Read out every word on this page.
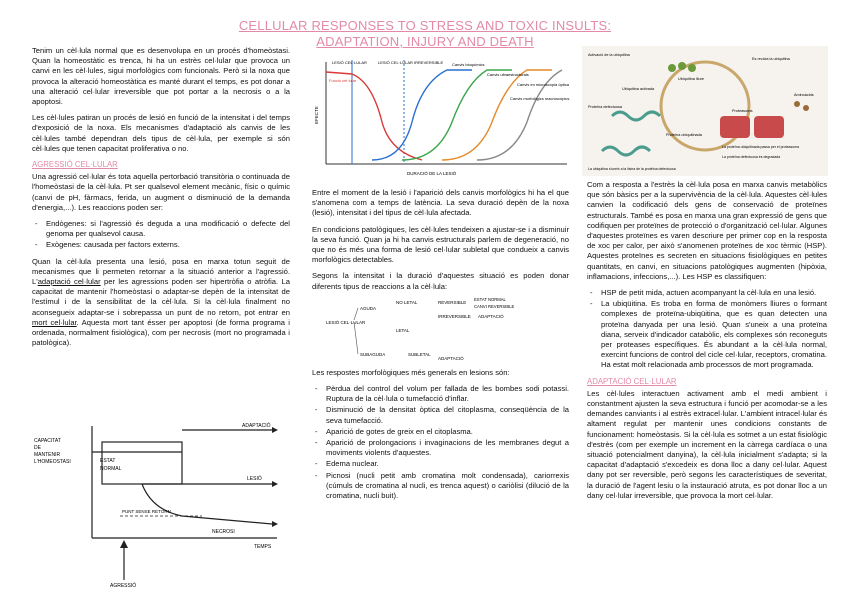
CELLULAR RESPONSES TO STRESS AND TOXIC INSULTS:
ADAPTATION, INJURY AND DEATH

Tenim un cèl·lula normal que es desenvolupa en un procés d'homeòstasi. Quan la homeostàtic es trenca, hi ha un estrès cel·lular que provoca un canvi en les cèl·lules, sigui morfològics com funcionals. Però si la noxa que provoca la alteració homeostàtica es manté durant el temps, es pot donar a una alteració cel·lular irreversible que pot portar a la necrosis o a la apoptosi.

Les cèl·lules patiran un procés de lesió en funció de la intensitat i del temps d'exposició de la noxa. Els mecanismes d'adaptació als canvis de les cèl·lules també dependran dels tipus de cèl·lula, per exemple si són cèl·lules que tenen capacitat proliferativa o no.

AGRESSIÓ CEL·LULAR

Una agressió cel·lular és tota aquella pertorbació transitòria o continuada de l'homeòstasi de la cèl·lula. Pt ser qualsevol element mecànic, físic o químic (canvi de pH, fàrmacs, ferida, un augment o disminució de la demanda d'energia,...). Les reaccions poden ser:

- Endògenes: si l'agressió és deguda a una modificació o defecte del genoma per qualsevol causa.
- Exògenes: causada per factors externs.

Quan la cèl·lula presenta una lesió, posa en marxa totun seguit de mecanismes que li permeten retornar a la situació anterior a l'agressió. L'adaptació cel·lular per les agressions poden ser hipertròfia o atròfia. La capacitat de mantenir l'homeòstasi o adaptar-se depèn de la intensitat de l'estímul i de la sensibilitat de la cèl·lula. Si la cèl·lula finalment no aconsegueix adaptar-se i sobrepassa un punt de no retorn, pot entrar en mort cel·lular. Aquesta mort tant ésser per apoptosi (de forma programa i ordenada, normalment fisiològica), com per necrosis (mort no programada i patològica).

EFECTE
DURACIÓ DE LA LESIÓ
LESIÓ CEL·LULAR	LESIÓ CEL·LULAR IRREVERSIBLE
Funció cel·lular
Canvis bioquímics
Canvis ultraestructurals
Canvis en microscopia òptica
Canvis morfològics macroscòpics
Activació de la ubiquitina
Ubiquitina lliure
Es recicla la ubiquitina
Aminoàcids
Ubiquitina activada
Proteïna ubiquitinada
Proteasoma
La proteïna ubiquitinada passa per el proteasoma
Proteïna defectuosa
La proteïna defectuosa és degradada
La ubiquitina s'uneix a la lisina de la proteïna defectuosa
CAPACITAT
DE
MANTENIR
L'HOMEOSTASI	ESTAT
NORMAL
ADAPTACIÓ
LESIÓ
PUNT SENSE RETORN
NECROSI
TEMPS
AGRESSIÓ

Entre el moment de la lesió i l'aparició dels canvis morfològics hi ha el que s'anomena com a temps de latència. La seva duració depèn de la noxa (lesió), intensitat i del tipus de cèl·lula afectada.

En condicions patològiques, les cèl·lules tendeixen a ajustar-se i a disminuir la seva funció. Quan ja hi ha canvis estructurals parlem de degeneració, no que no és més una forma de lesió cel·lular subletal que condueix a canvis morfològics detectables.

Segons la intensitat i la duració d'aquestes situació es poden donar diferents tipus de reaccions a la cèl·lula:

LESIÓ CEL·LULAR
AGUDA
NO LETAL
LETAL
REVERSIBLE
IRREVERSIBLE
ESTAT NORMAL
CANVI REVERSIBLE
ADAPTACIÓ
SUBAGUDA	SUBLETAL
ADAPTACIÓ

Les respostes morfològiques més generals en lesions són:

- Pèrdua del control del volum per fallada de les bombes sodi potassi. Ruptura de la cèl·lula o tumefacció d'inflar.
- Disminució de la densitat òptica del citoplasma, conseqüència de la seva tumefacció.
- Aparició de gotes de greix en el citoplasma.
- Aparició de prolongacions i invaginacions de les membranes degut a moviments violents d'aquestes.
- Edema nuclear.
- Picnosi (nucli petit amb cromatina molt condensada), cariorrexis (cúmuls de cromatina al nucli, es trenca aquest) o cariòlisi (dilució de la cromatina, nucli buit).

Com a resposta a l'estrès la cèl·lula posa en marxa canvis metabòlics que són bàsics per a la supervivència de la cèl·lula. Aquestes cèl·lules canvien la codificació dels gens de conservació de proteïnes estructurals. També es posa en marxa una gran expressió de gens que codifiquen per proteïnes de protecció o d'organització cel·lular. Algunes d'aquestes proteïnes es varen descriure per primer cop en la resposta de xoc per calor, per això s'anomenen proteïnes de xoc tèrmic (HSP). Aquestes proteïnes es secreten en situacions fisiològiques en petites quantitats, en canvi, en situacions patològiques augmenten (hipòxia, inflamacions, infeccions,...). Les HSP es classifiquen:

- HSP de petit mida, actuen acompanyant la cèl·lula en una lesió.
- La ubiqüitina. Es troba en forma de monòmers lliures o formant complexes de proteïna-ubiqüitina, que es quan detecten una proteïna danyada per una lesió. Quan s'uneix a una proteïna diana, serveix d'indicador catabòlic, els complexes són reconeguts per proteases específiques. És abundant a la cèl·lula normal, exercint funcions de control del cicle cel·lular, receptors, cromatina. Ha estat molt relacionada amb processos de mort programada.
ADAPTACIÓ CEL·LULAR

Les cèl·lules interactuen activament amb el medi ambient i constantment ajusten la seva estructura i funció per acomodar-se a les demandes canviants i al estrès extracel·lular. L'ambient intracel·lular és altament regulat per mantenir unes condicions constants de funcionament: homeòstasis. Si la cèl·lula es sotmet a un estat fisiològic d'estrès (com per exemple un increment en la càrrega cardíaca o una situació potencialment danyina), la cèl·lula inicialment s'adapta; si la capacitat d'adaptació s'excedeix es dona lloc a dany cel·lular. Aquest dany pot ser reversible, però segons les característiques de severitat, la duració de l'agent lesiu o la instauració atruta, es pot donar lloc a un dany cel·lular irreversible, que provoca la mort cel·lular.
